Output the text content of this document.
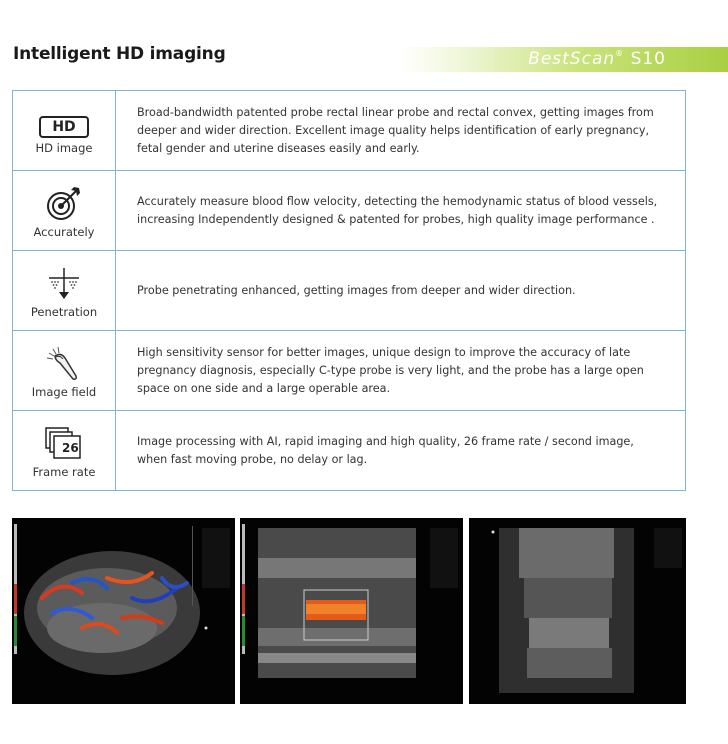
Intelligent HD imaging	BestScan® S10
HD
HD image	Broad-bandwidth patented probe rectal linear probe and rectal convex, getting images from deeper and wider direction. Excellent image quality helps identification of early pregnancy, fetal gender and uterine diseases easily and early.

Accurately	Accurately measure blood flow velocity, detecting the hemodynamic status of blood vessels, increasing Independently designed & patented for probes, high quality image performance .

Penetration	Probe penetrating enhanced, getting images from deeper and wider direction.

Image field	High sensitivity sensor for better images, unique design to improve the accuracy of late pregnancy diagnosis, especially C-type probe is very light, and the probe has a large open space on one side and a large operable area.

26
Frame rate	Image processing with AI, rapid imaging and high quality, 26 frame rate / second image, when fast moving probe, no delay or lag.
